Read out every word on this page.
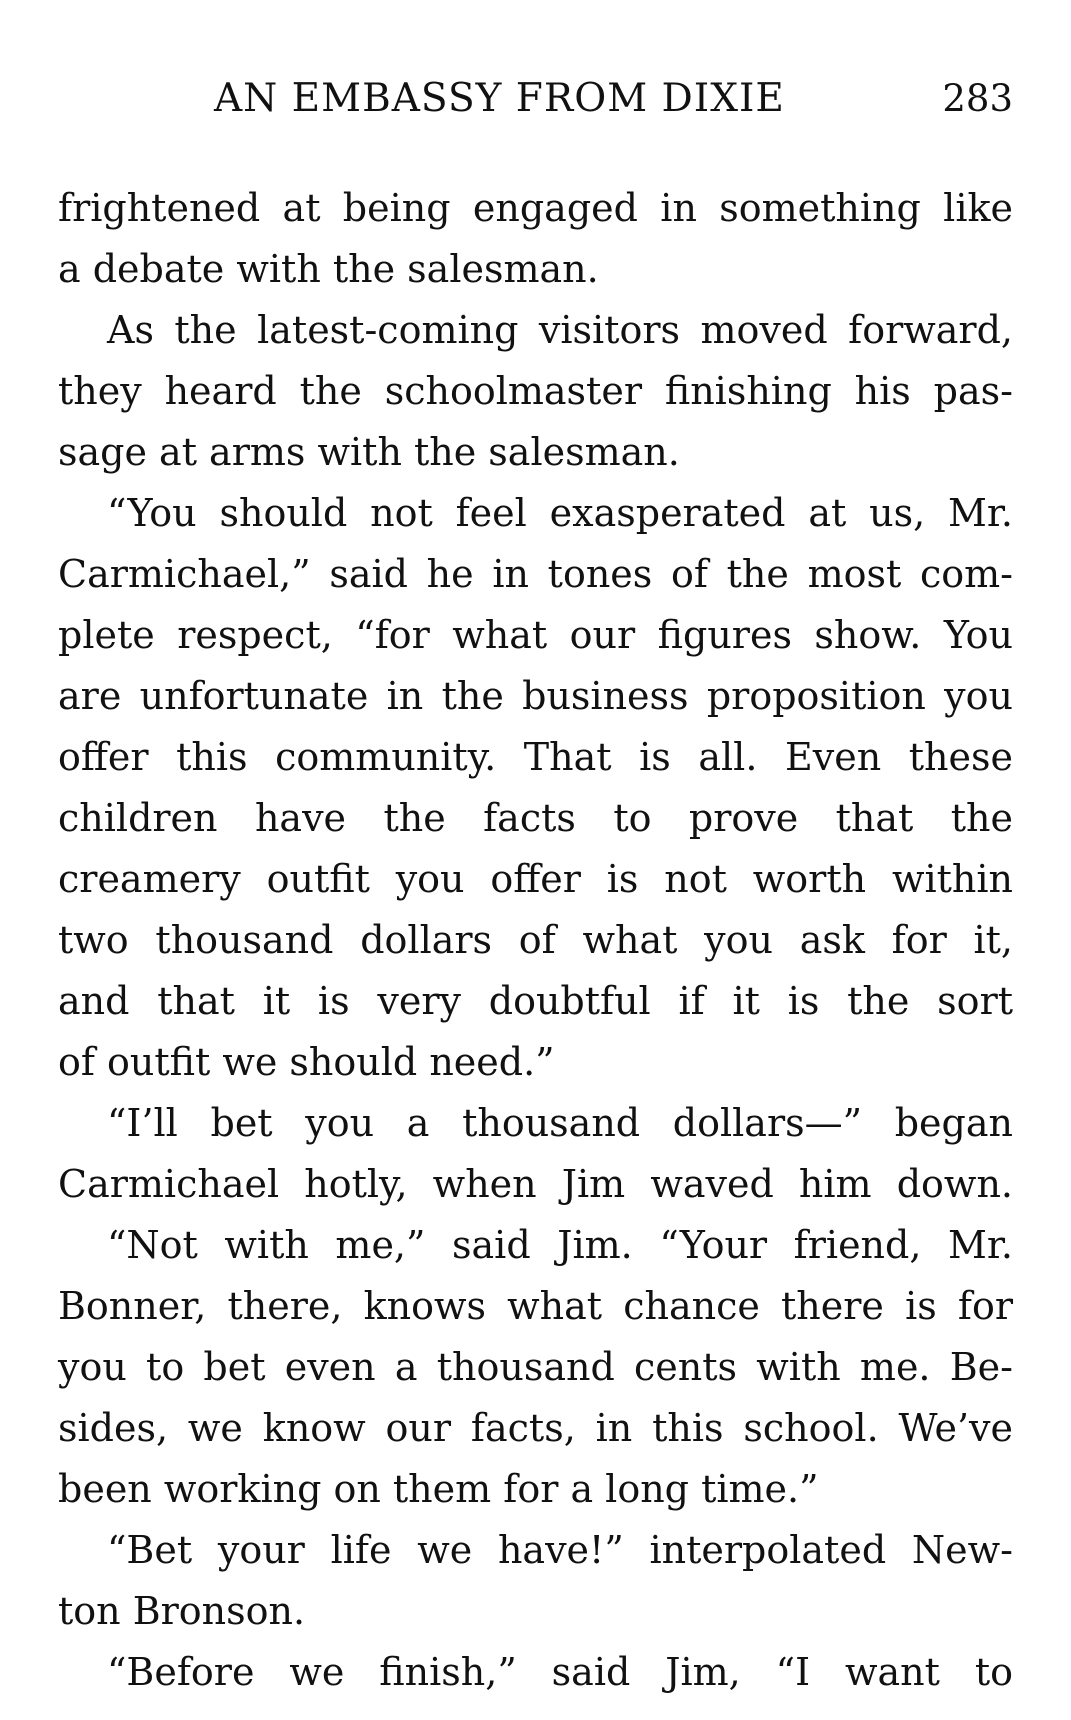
AN EMBASSY FROM DIXIE	283
frightened at being engaged in something like
a debate with the salesman.
As the latest-coming visitors moved forward,
they heard the schoolmaster finishing his pas-
sage at arms with the salesman.
“You should not feel exasperated at us, Mr.
Carmichael,” said he in tones of the most com-
plete respect, “for what our figures show. You
are unfortunate in the business proposition you
offer this community. That is all. Even these
children have the facts to prove that the
creamery outfit you offer is not worth within
two thousand dollars of what you ask for it,
and that it is very doubtful if it is the sort
of outfit we should need.”
“I’ll bet you a thousand dollars—” began
Carmichael hotly, when Jim waved him down.
“Not with me,” said Jim. “Your friend, Mr.
Bonner, there, knows what chance there is for
you to bet even a thousand cents with me. Be-
sides, we know our facts, in this school. We’ve
been working on them for a long time.”
“Bet your life we have!” interpolated New-
ton Bronson.
“Before we finish,” said Jim, “I want to
